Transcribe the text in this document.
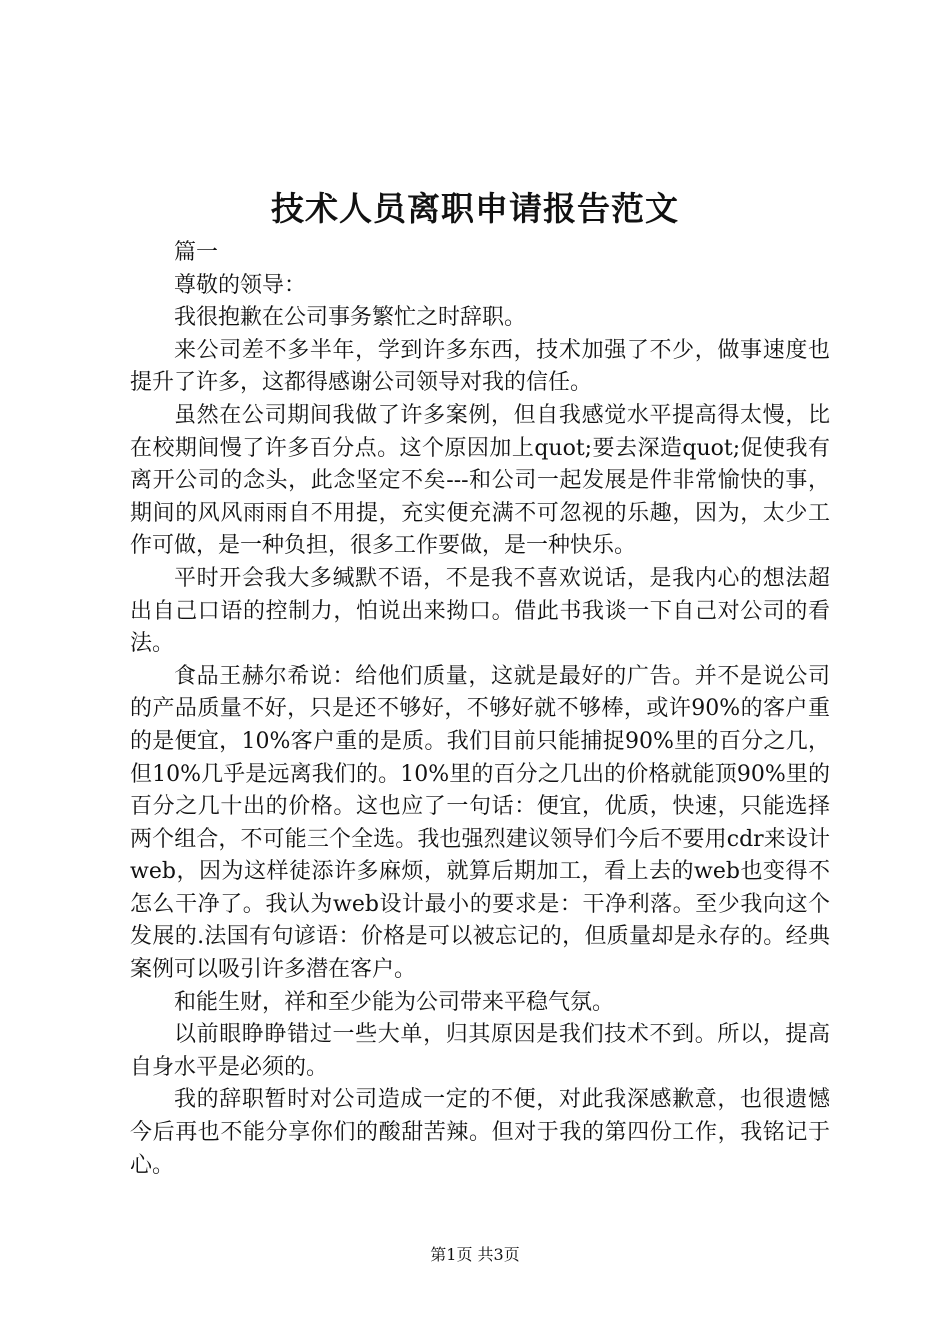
技术人员离职申请报告范文

篇一

尊敬的领导：

我很抱歉在公司事务繁忙之时辞职。

来公司差不多半年，学到许多东西，技术加强了不少，做事速度也提升了许多，这都得感谢公司领导对我的信任。

虽然在公司期间我做了许多案例，但自我感觉水平提高得太慢，比在校期间慢了许多百分点。这个原因加上quot;要去深造quot;促使我有离开公司的念头，此念坚定不矣---和公司一起发展是件非常愉快的事，期间的风风雨雨自不用提，充实便充满不可忽视的乐趣，因为，太少工作可做，是一种负担，很多工作要做，是一种快乐。

平时开会我大多缄默不语，不是我不喜欢说话，是我内心的想法超出自己口语的控制力，怕说出来拗口。借此书我谈一下自己对公司的看法。

食品王赫尔希说：给他们质量，这就是最好的广告。并不是说公司的产品质量不好，只是还不够好，不够好就不够棒，或许90%的客户重的是便宜，10%客户重的是质。我们目前只能捕捉90%里的百分之几，但10%几乎是远离我们的。10%里的百分之几出的价格就能顶90%里的百分之几十出的价格。这也应了一句话：便宜，优质，快速，只能选择两个组合，不可能三个全选。我也强烈建议领导们今后不要用cdr来设计web，因为这样徒添许多麻烦，就算后期加工，看上去的web也变得不怎么干净了。我认为web设计最小的要求是：干净利落。至少我向这个发展的.法国有句谚语：价格是可以被忘记的，但质量却是永存的。经典案例可以吸引许多潜在客户。

和能生财，祥和至少能为公司带来平稳气氛。

以前眼睁睁错过一些大单，归其原因是我们技术不到。所以，提高自身水平是必须的。

我的辞职暂时对公司造成一定的不便，对此我深感歉意，也很遗憾今后再也不能分享你们的酸甜苦辣。但对于我的第四份工作，我铭记于心。

第1页 共3页
